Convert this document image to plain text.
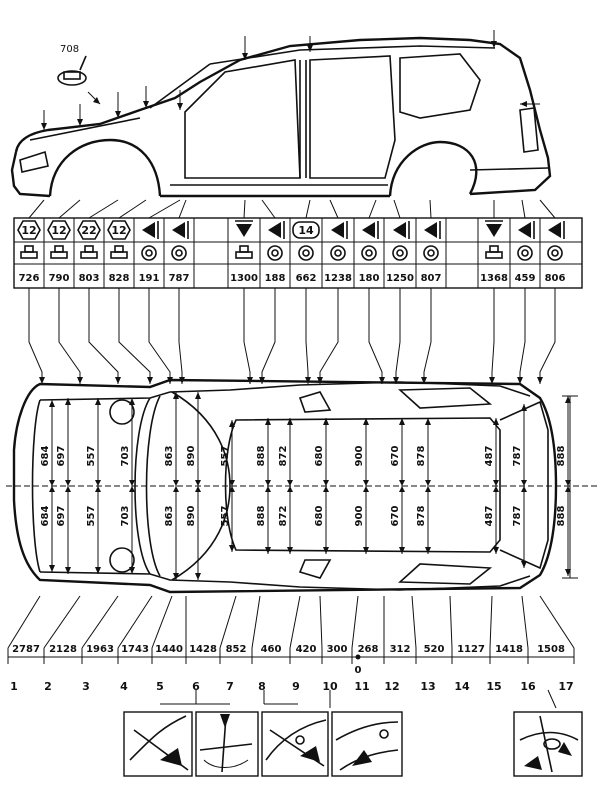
708
12 12 22 12	14
726 790 803 828 191 787	1300 188 662 1238 180 1250 807	1368 459 806
684
684
697
697
557
557
703
703
863
863
890
890
557
557
888
888
872
872
680
680
900
900
670
670
878
878
487
487
787
787
888
888
2787 2128 1963 1743 1440 1428 852 460 420 300 268 312 520 1127 1418 1508
0
1 2	3	4	5	6 7 8 9 10 11 12 13 14 15 16 17
